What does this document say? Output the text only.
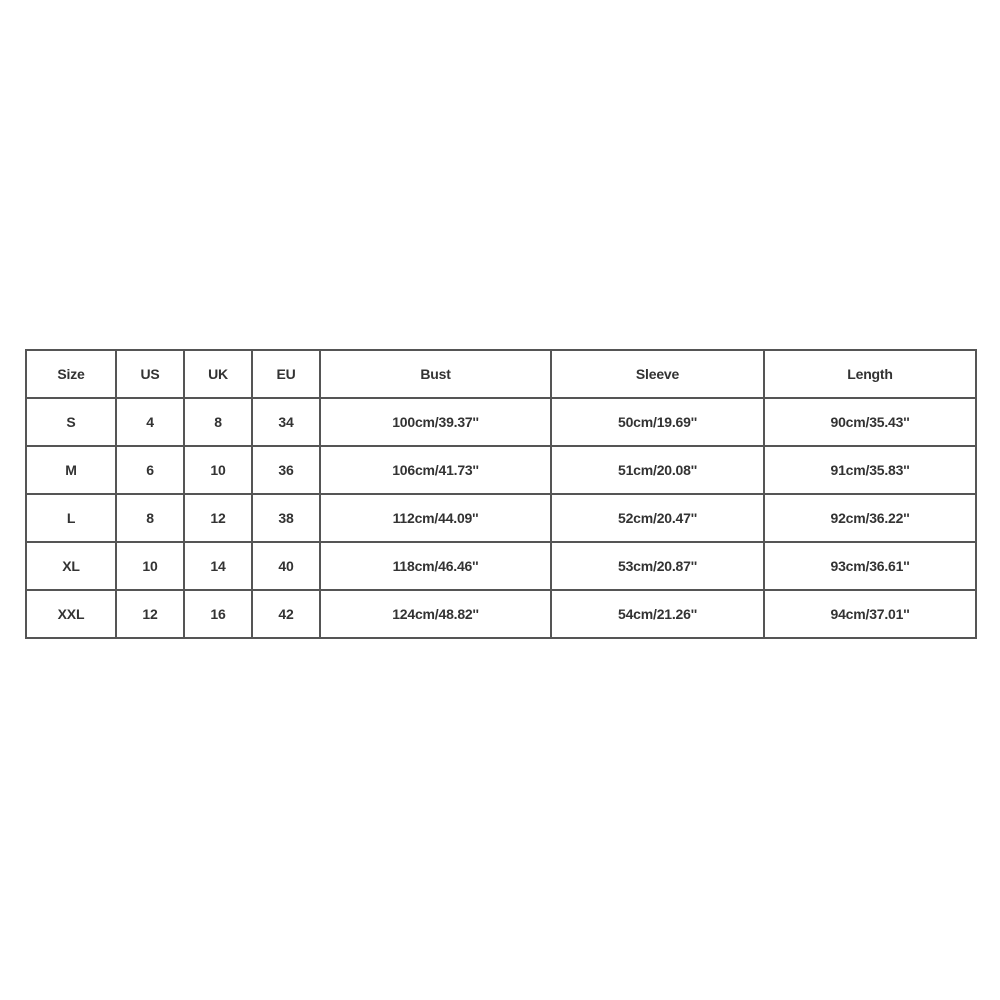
Size	US	UK	EU	Bust	Sleeve	Length
S	4	8	34	100cm/39.37''	50cm/19.69''	90cm/35.43''
M	6	10	36	106cm/41.73''	51cm/20.08''	91cm/35.83''
L	8	12	38	112cm/44.09''	52cm/20.47''	92cm/36.22''
XL	10	14	40	118cm/46.46''	53cm/20.87''	93cm/36.61''
XXL	12	16	42	124cm/48.82''	54cm/21.26''	94cm/37.01''
